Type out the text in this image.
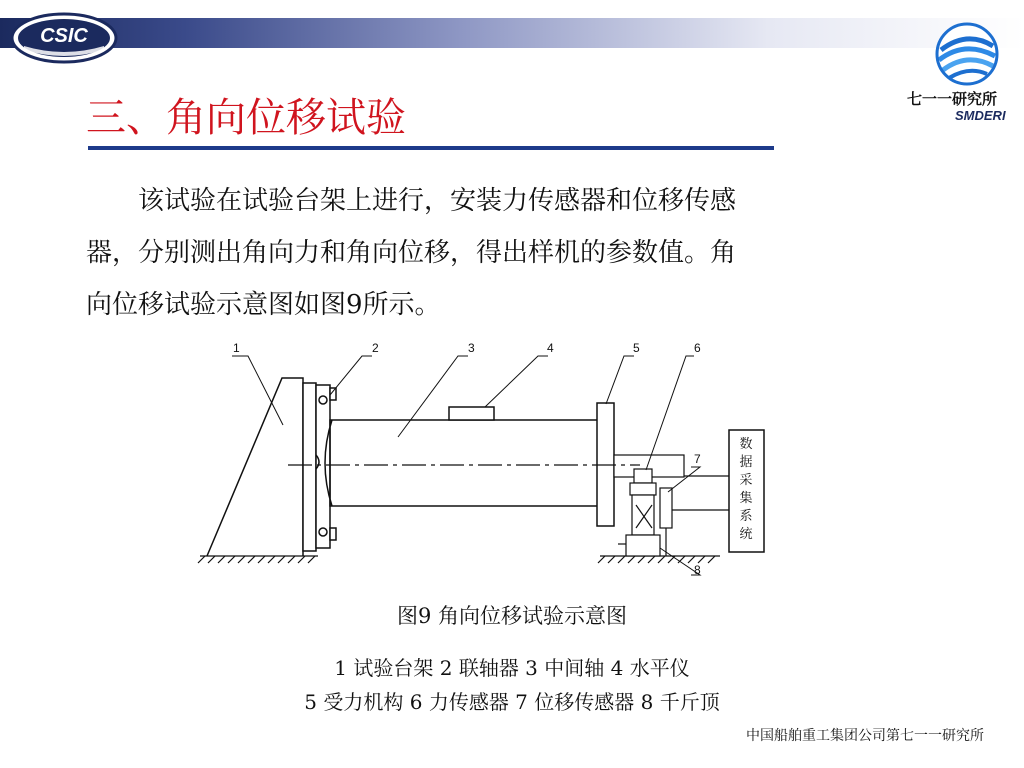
CSIC
七一一研究所
SMDERI
三、角向位移试验
　　该试验在试验台架上进行，安装力传感器和位移传感
器，分别测出角向力和角向位移，得出样机的参数值。角
向位移试验示意图如图9所示。
数
据
采
集
系
统
1	2	3	4	5	6
7
8
图9 角向位移试验示意图
1 试验台架 2 联轴器 3 中间轴 4 水平仪
5 受力机构 6 力传感器 7 位移传感器 8 千斤顶
中国船舶重工集团公司第七一一研究所
